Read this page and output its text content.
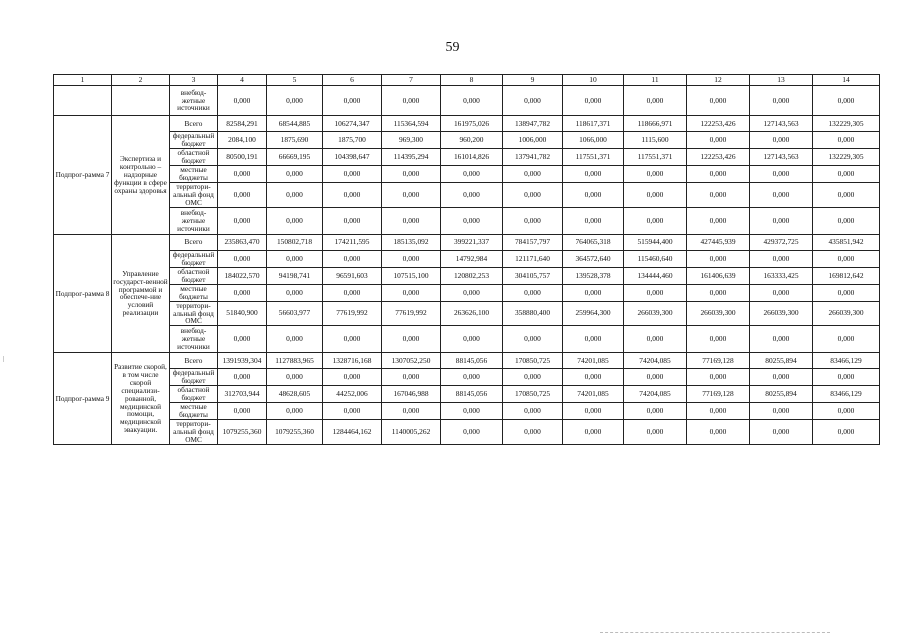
59
1	2	3	4	5	6	7	8	9	10	11	12	13	14
		внебюд-жетные источники	0,000	0,000	0,000	0,000	0,000	0,000	0,000	0,000	0,000	0,000	0,000
Подпрог-рамма 7	Экспертиза и контрольно – надзорные функции в сфере охраны здоровья	Всего	82584,291	68544,885	106274,347	115364,594	161975,026	138947,782	118617,371	118666,971	122253,426	127143,563	132229,305
		федеральный бюджет	2084,100	1875,690	1875,700	969,300	960,200	1006,000	1066,000	1115,600	0,000	0,000	0,000
		областной бюджет	80500,191	66669,195	104398,647	114395,294	161014,826	137941,782	117551,371	117551,371	122253,426	127143,563	132229,305
		местные бюджеты	0,000	0,000	0,000	0,000	0,000	0,000	0,000	0,000	0,000	0,000	0,000
		территори-альный фонд ОМС	0,000	0,000	0,000	0,000	0,000	0,000	0,000	0,000	0,000	0,000	0,000
		внебюд-жетные источники	0,000	0,000	0,000	0,000	0,000	0,000	0,000	0,000	0,000	0,000	0,000
Подпрог-рамма 8	Управление государст-венной программой и обеспече-ние условий реализации	Всего	235863,470	150802,718	174211,595	185135,092	399221,337	784157,797	764065,318	515944,400	427445,939	429372,725	435851,942
		федеральный бюджет	0,000	0,000	0,000	0,000	14792,984	121171,640	364572,640	115460,640	0,000	0,000	0,000
		областной бюджет	184022,570	94198,741	96591,603	107515,100	120802,253	304105,757	139528,378	134444,460	161406,639	163333,425	169812,642
		местные бюджеты	0,000	0,000	0,000	0,000	0,000	0,000	0,000	0,000	0,000	0,000	0,000
		территори-альный фонд ОМС	51840,900	56603,977	77619,992	77619,992	263626,100	358880,400	259964,300	266039,300	266039,300	266039,300	266039,300
		внебюд-жетные источники	0,000	0,000	0,000	0,000	0,000	0,000	0,000	0,000	0,000	0,000	0,000
Подпрог-рамма 9	Развитие скорой, в том числе скорой специализи-рованной, медицинской помощи, медицинской эвакуации.	Всего	1391939,304	1127883,965	1328716,168	1307052,250	88145,056	170850,725	74201,085	74204,085	77169,128	80255,894	83466,129
		федеральный бюджет	0,000	0,000	0,000	0,000	0,000	0,000	0,000	0,000	0,000	0,000	0,000
		областной бюджет	312703,944	48628,605	44252,006	167046,988	88145,056	170850,725	74201,085	74204,085	77169,128	80255,894	83466,129
		местные бюджеты	0,000	0,000	0,000	0,000	0,000	0,000	0,000	0,000	0,000	0,000	0,000
		территори-альный фонд ОМС	1079255,360	1079255,360	1284464,162	1140005,262	0,000	0,000	0,000	0,000	0,000	0,000	0,000
